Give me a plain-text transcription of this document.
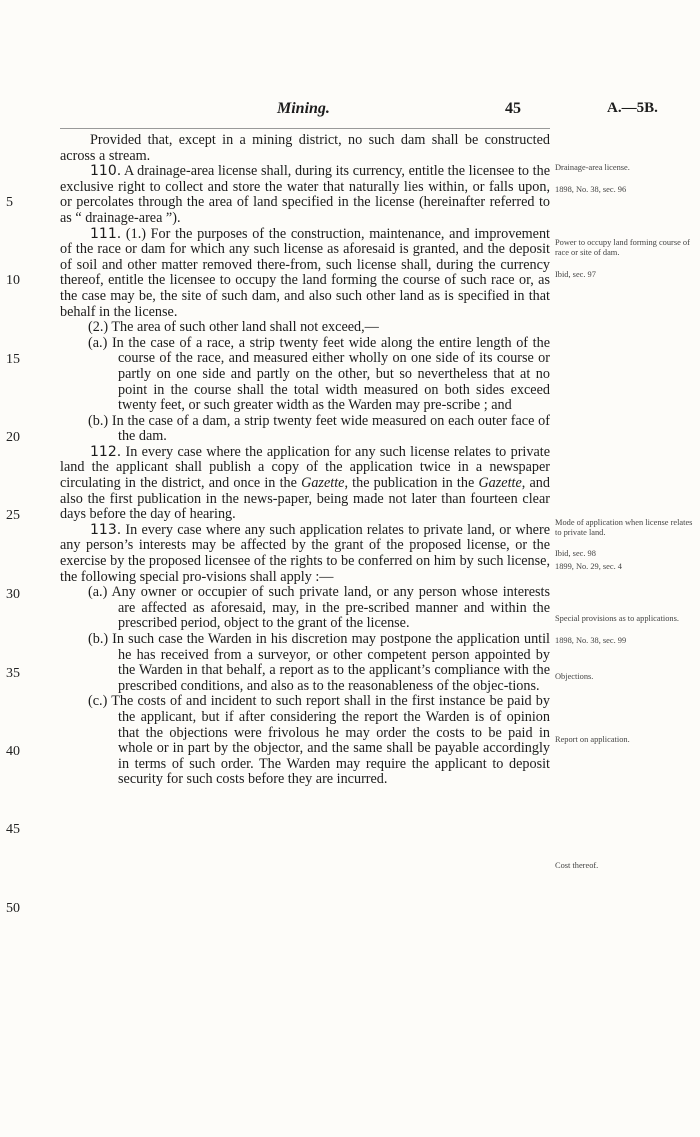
Mining.	45	A.—5B.

Provided that, except in a mining district, no such dam shall be constructed across a stream.

110. A drainage-area license shall, during its currency, entitle the licensee to the exclusive right to collect and store the water that naturally lies within, or falls upon, or percolates through the area of land specified in the license (hereinafter referred to as “ drainage-area ”).

111. (1.) For the purposes of the construction, maintenance, and improvement of the race or dam for which any such license as aforesaid is granted, and the deposit of soil and other matter removed there-from, such license shall, during the currency thereof, entitle the licensee to occupy the land forming the course of such race or, as the case may be, the site of such dam, and also such other land as is specified in that behalf in the license.

(2.) The area of such other land shall not exceed,—

(a.) In the case of a race, a strip twenty feet wide along the entire length of the course of the race, and measured either wholly on one side of its course or partly on one side and partly on the other, but so nevertheless that at no point in the course shall the total width measured on both sides exceed twenty feet, or such greater width as the Warden may pre-scribe ; and

(b.) In the case of a dam, a strip twenty feet wide measured on each outer face of the dam.

112. In every case where the application for any such license relates to private land the applicant shall publish a copy of the application twice in a newspaper circulating in the district, and once in the Gazette, the publication in the Gazette, and also the first publication in the news-paper, being made not later than fourteen clear days before the day of hearing.

113. In every case where any such application relates to private land, or where any person’s interests may be affected by the grant of the proposed license, or the exercise by the proposed licensee of the rights to be conferred on him by such license, the following special pro-visions shall apply :—

(a.) Any owner or occupier of such private land, or any person whose interests are affected as aforesaid, may, in the pre-scribed manner and within the prescribed period, object to the grant of the license.

(b.) In such case the Warden in his discretion may postpone the application until he has received from a surveyor, or other competent person appointed by the Warden in that behalf, a report as to the applicant’s compliance with the prescribed conditions, and also as to the reasonableness of the objec-tions.

(c.) The costs of and incident to such report shall in the first instance be paid by the applicant, but if after considering the report the Warden is of opinion that the objections were frivolous he may order the costs to be paid in whole or in part by the objector, and the same shall be payable accordingly in terms of such order. The Warden may require the applicant to deposit security for such costs before they are incurred.

Drainage-area license.
1898, No. 38, sec. 96
Power to occupy land forming course of race or site of dam.
Ibid, sec. 97
Mode of application when license relates to private land.
Ibid, sec. 98
1899, No. 29, sec. 4
Special provisions as to applications.
1898, No. 38, sec. 99
Objections.
Report on application.
Cost thereof.
5
10
15
20
25
30
35
40
45
50
